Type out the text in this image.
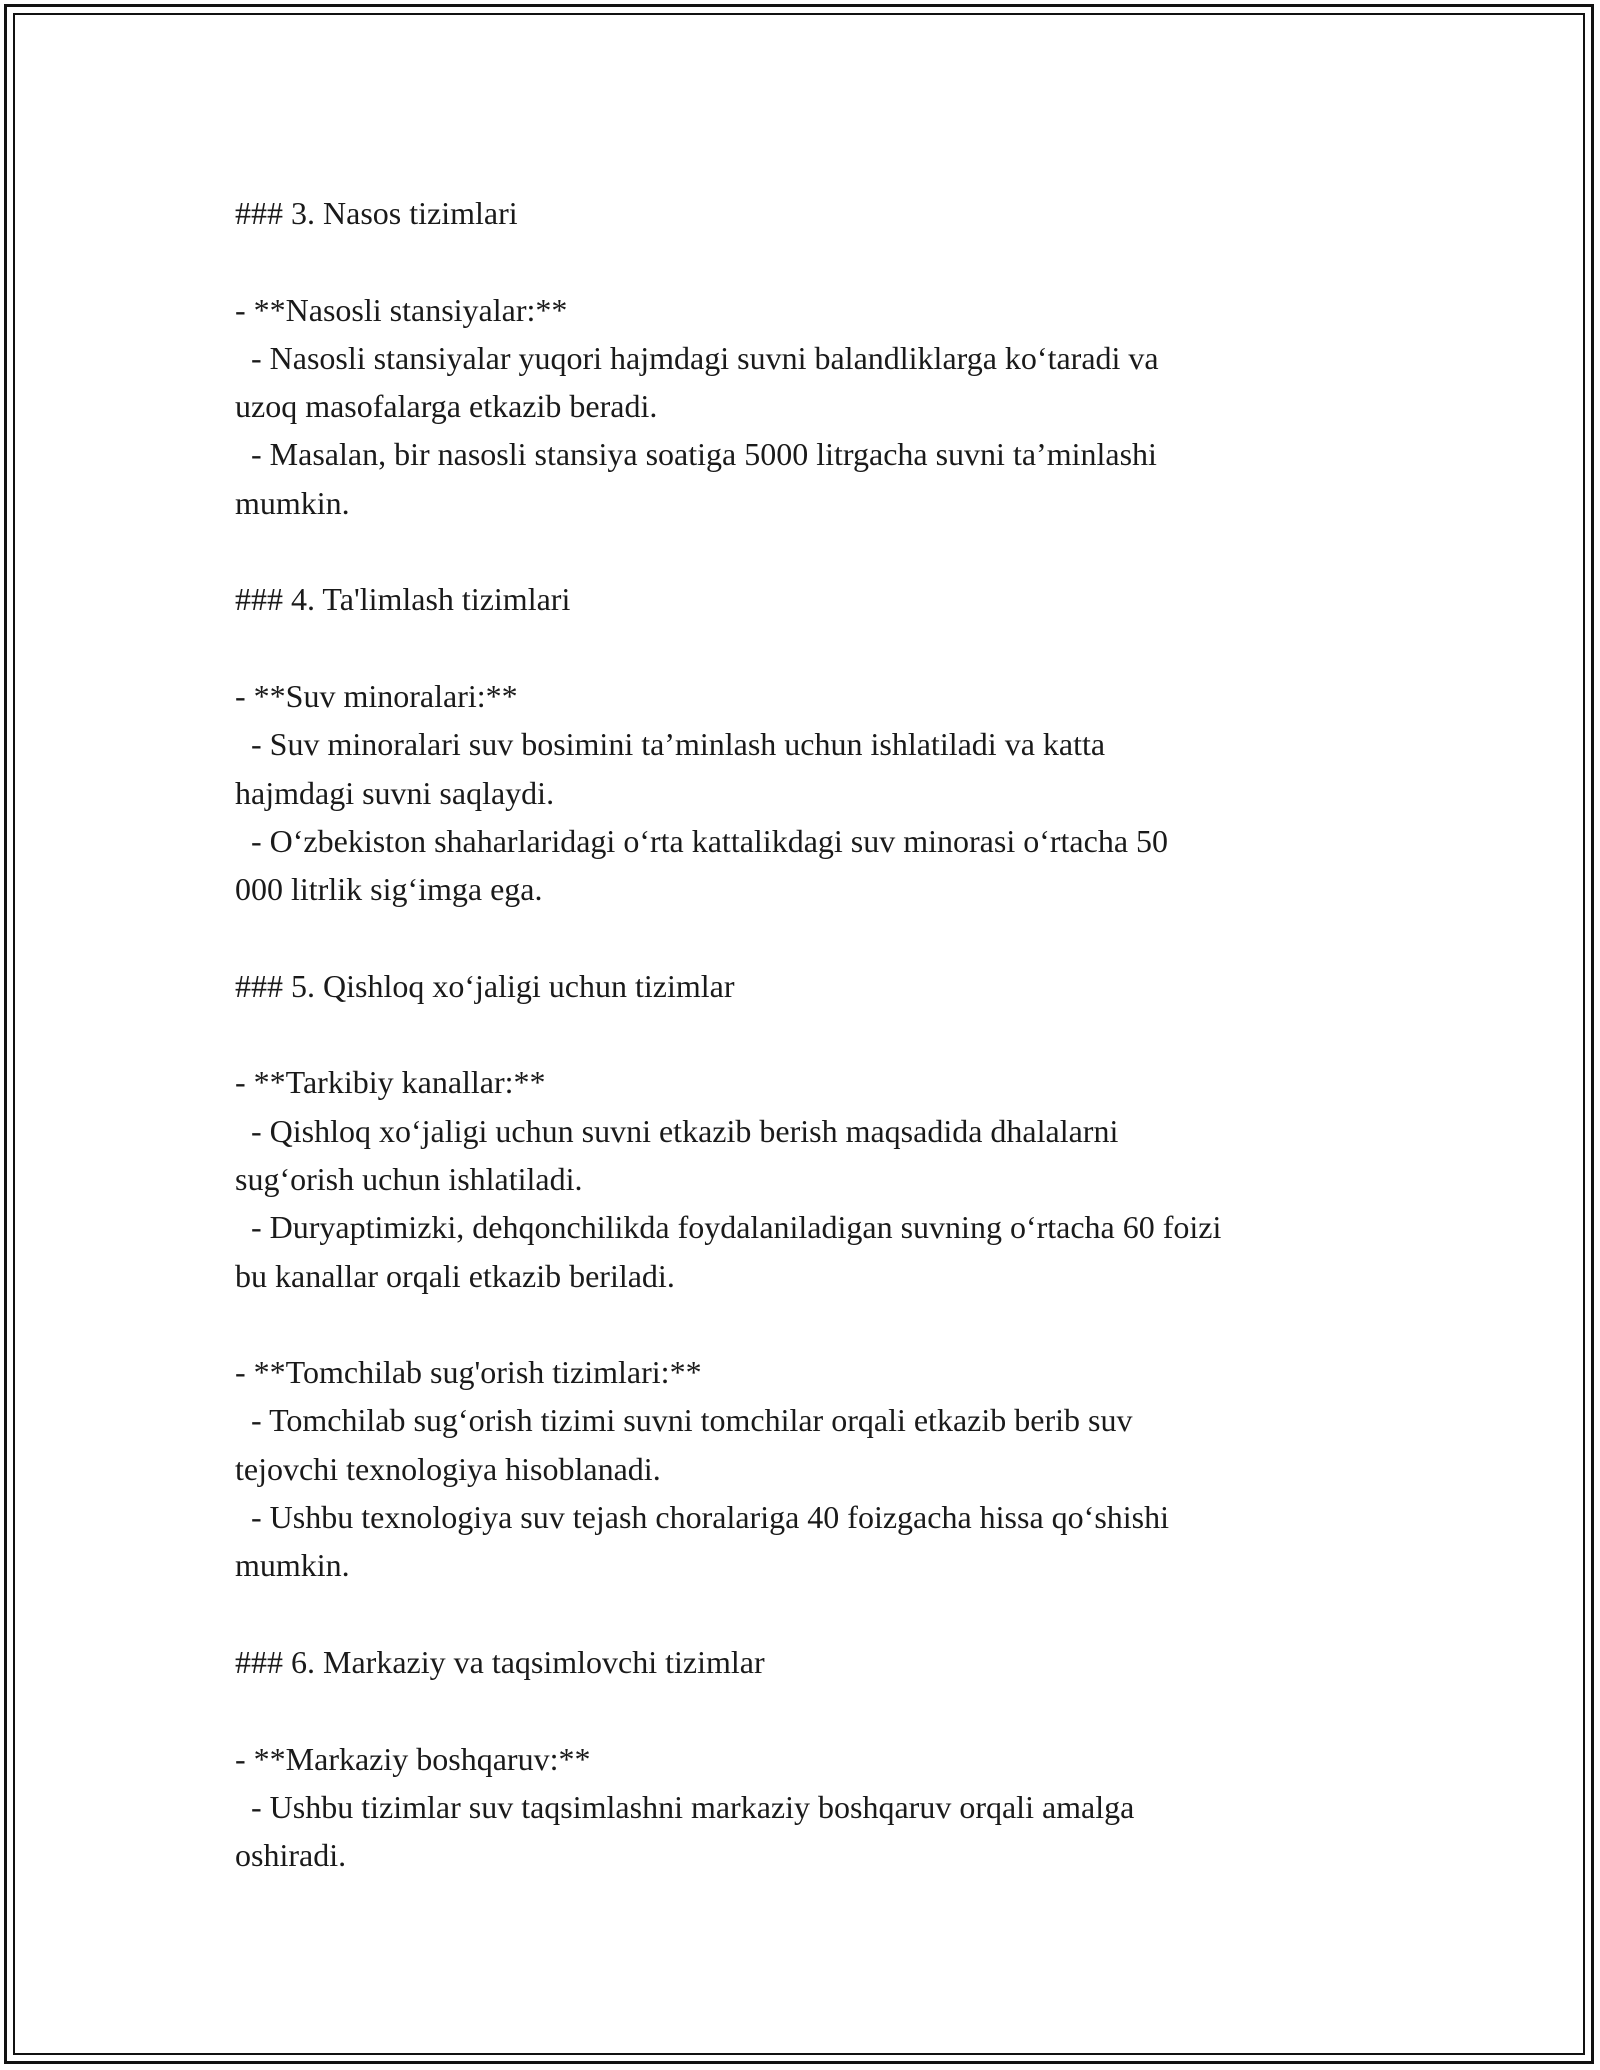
### 3. Nasos tizimlari

- **Nasosli stansiyalar:**

- Nasosli stansiyalar yuqori hajmdagi suvni balandliklarga ko‘taradi va

uzoq masofalarga etkazib beradi.

- Masalan, bir nasosli stansiya soatiga 5000 litrgacha suvni ta’minlashi

mumkin.

### 4. Ta'limlash tizimlari

- **Suv minoralari:**

- Suv minoralari suv bosimini ta’minlash uchun ishlatiladi va katta

hajmdagi suvni saqlaydi.

- O‘zbekiston shaharlaridagi o‘rta kattalikdagi suv minorasi o‘rtacha 50

000 litrlik sig‘imga ega.

### 5. Qishloq xo‘jaligi uchun tizimlar

- **Tarkibiy kanallar:**

- Qishloq xo‘jaligi uchun suvni etkazib berish maqsadida dhalalarni

sug‘orish uchun ishlatiladi.

- Duryaptimizki, dehqonchilikda foydalaniladigan suvning o‘rtacha 60 foizi

bu kanallar orqali etkazib beriladi.

- **Tomchilab sug'orish tizimlari:**

- Tomchilab sug‘orish tizimi suvni tomchilar orqali etkazib berib suv

tejovchi texnologiya hisoblanadi.

- Ushbu texnologiya suv tejash choralariga 40 foizgacha hissa qo‘shishi

mumkin.

### 6. Markaziy va taqsimlovchi tizimlar

- **Markaziy boshqaruv:**

- Ushbu tizimlar suv taqsimlashni markaziy boshqaruv orqali amalga

oshiradi.
